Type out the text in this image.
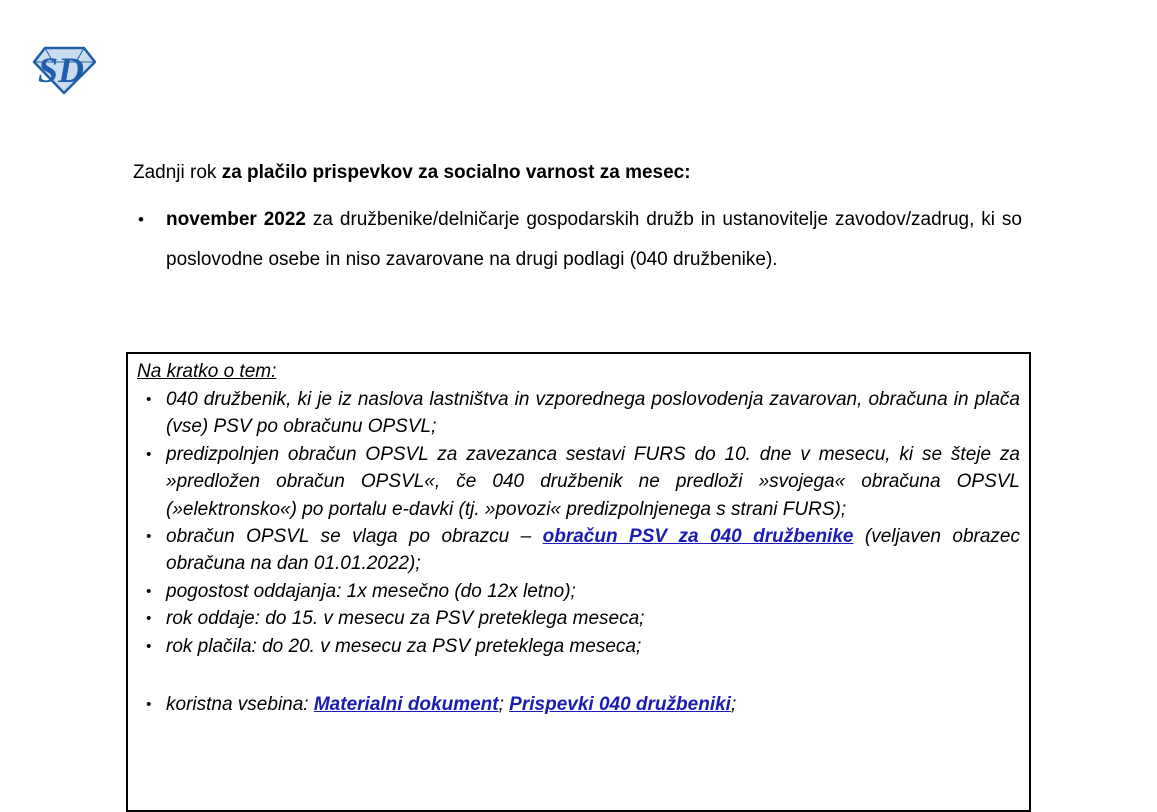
SD
Zadnji rok za plačilo prispevkov za socialno varnost za mesec:
• november 2022 za družbenike/delničarje gospodarskih družb in ustanovitelje zavodov/zadrug, ki so poslovodne osebe in niso zavarovane na drugi podlagi (040 družbenike).
Na kratko o tem:
• 040 družbenik, ki je iz naslova lastništva in vzporednega poslovodenja zavarovan, obračuna in plača (vse) PSV po obračunu OPSVL;
• predizpolnjen obračun OPSVL za zavezanca sestavi FURS do 10. dne v mesecu, ki se šteje za »predložen obračun OPSVL«, če 040 družbenik ne predloži »svojega« obračuna OPSVL (»elektronsko«) po portalu e-davki (tj. »povozi« predizpolnjenega s strani FURS);
• obračun OPSVL se vlaga po obrazcu – obračun PSV za 040 družbenike (veljaven obrazec obračuna na dan 01.01.2022);
• pogostost oddajanja: 1x mesečno (do 12x letno);
• rok oddaje: do 15. v mesecu za PSV preteklega meseca;
• rok plačila: do 20. v mesecu za PSV preteklega meseca;
• koristna vsebina: Materialni dokument; Prispevki 040 družbeniki;
